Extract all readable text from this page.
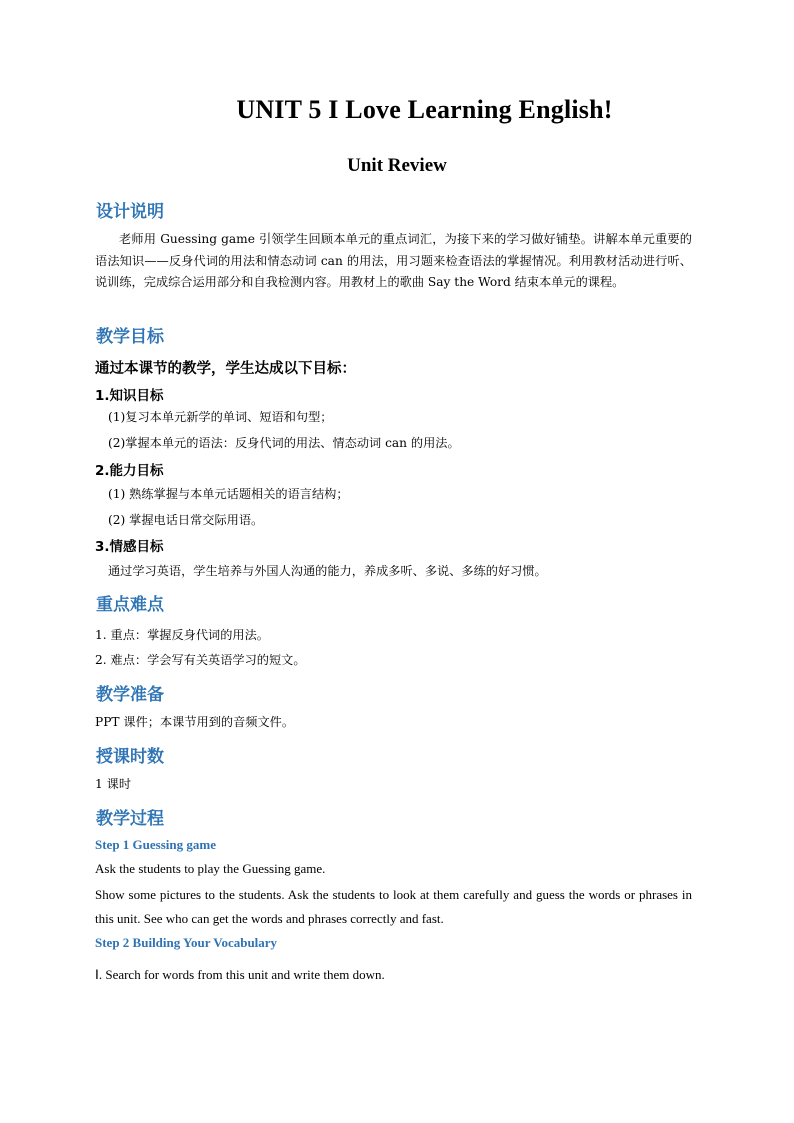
UNIT 5 I Love Learning English!
Unit Review
设计说明
老师用 Guessing game 引领学生回顾本单元的重点词汇，为接下来的学习做好铺垫。讲解本单元重要的语法知识——反身代词的用法和情态动词 can 的用法，用习题来检查语法的掌握情况。利用教材活动进行听、说训练，完成综合运用部分和自我检测内容。用教材上的歌曲 Say the Word 结束本单元的课程。
教学目标
通过本课节的教学，学生达成以下目标：
1.知识目标
(1)复习本单元新学的单词、短语和句型；
(2)掌握本单元的语法：反身代词的用法、情态动词 can 的用法。
2.能力目标
(1) 熟练掌握与本单元话题相关的语言结构；
(2) 掌握电话日常交际用语。
3.情感目标
通过学习英语，学生培养与外国人沟通的能力，养成多听、多说、多练的好习惯。
重点难点
1. 重点：掌握反身代词的用法。
2. 难点：学会写有关英语学习的短文。
教学准备
PPT 课件；本课节用到的音频文件。
授课时数
1 课时
教学过程
Step 1 Guessing game
Ask the students to play the Guessing game.
Show some pictures to the students. Ask the students to look at them carefully and guess the words or phrases in this unit. See who can get the words and phrases correctly and fast.
Step 2 Building Your Vocabulary
Ⅰ. Search for words from this unit and write them down.
